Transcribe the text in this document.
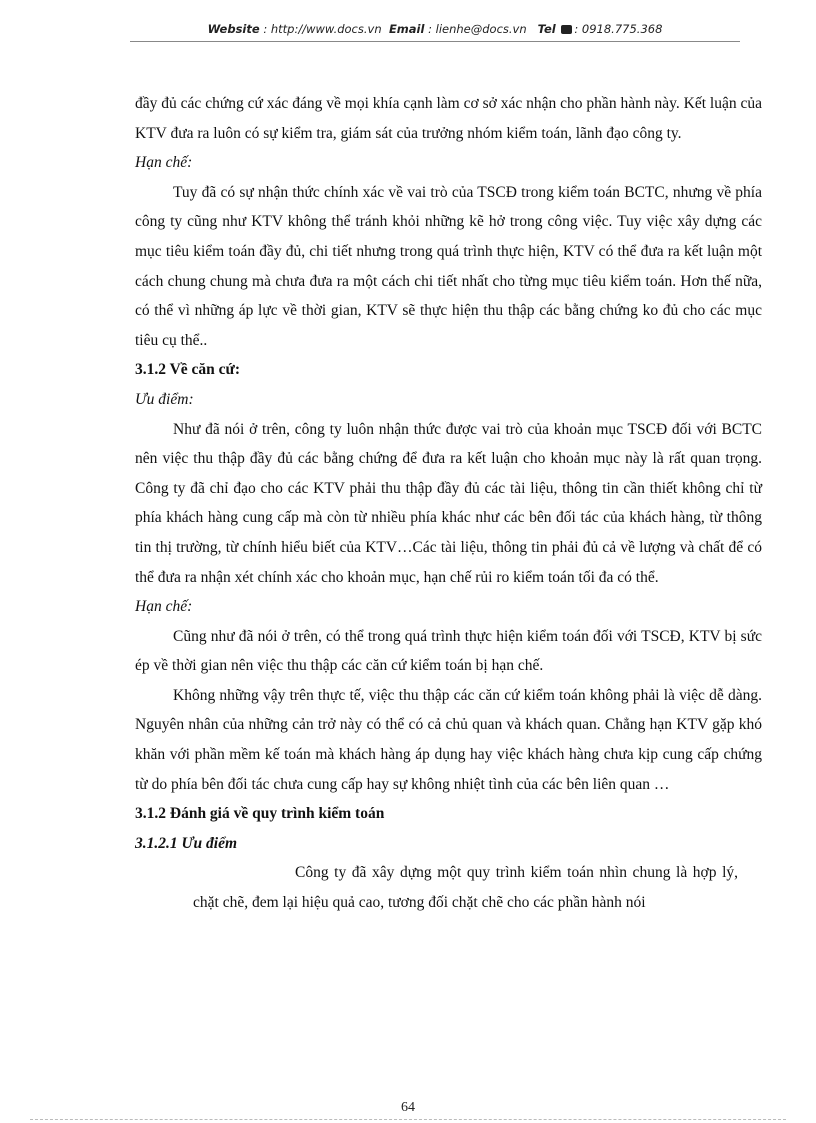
Website : http://www.docs.vn Email : lienhe@docs.vn Tel : 0918.775.368

đầy đủ các chứng cứ xác đáng về mọi khía cạnh làm cơ sở xác nhận cho phần hành này. Kết luận của KTV đưa ra luôn có sự kiểm tra, giám sát của trưởng nhóm kiểm toán, lãnh đạo công ty.

Hạn chế:

Tuy đã có sự nhận thức chính xác về vai trò của TSCĐ trong kiểm toán BCTC, nhưng về phía công ty cũng như KTV không thể tránh khỏi những kẽ hở trong công việc. Tuy việc xây dựng các mục tiêu kiểm toán đầy đủ, chi tiết nhưng trong quá trình thực hiện, KTV có thể đưa ra kết luận một cách chung chung mà chưa đưa ra một cách chi tiết nhất cho từng mục tiêu kiểm toán. Hơn thế nữa, có thể vì những áp lực về thời gian, KTV sẽ thực hiện thu thập các bằng chứng ko đủ cho các mục tiêu cụ thể..

3.1.2 Về căn cứ:

Ưu điểm:

Như đã nói ở trên, công ty luôn nhận thức được vai trò của khoản mục TSCĐ đối với BCTC nên việc thu thập đầy đủ các bằng chứng để đưa ra kết luận cho khoản mục này là rất quan trọng. Công ty đã chỉ đạo cho các KTV phải thu thập đầy đủ các tài liệu, thông tin cần thiết không chỉ từ phía khách hàng cung cấp mà còn từ nhiều phía khác như các bên đối tác của khách hàng, từ thông tin thị trường, từ chính hiểu biết của KTV…Các tài liệu, thông tin phải đủ cả về lượng và chất để có thể đưa ra nhận xét chính xác cho khoản mục, hạn chế rủi ro kiểm toán tối đa có thể.

Hạn chế:

Cũng như đã nói ở trên, có thể trong quá trình thực hiện kiểm toán đối với TSCĐ, KTV bị sức ép về thời gian nên việc thu thập các căn cứ kiểm toán bị hạn chế.

Không những vậy trên thực tế, việc thu thập các căn cứ kiểm toán không phải là việc dễ dàng. Nguyên nhân của những cản trở này có thể có cả chủ quan và khách quan. Chẳng hạn KTV gặp khó khăn với phần mềm kế toán mà khách hàng áp dụng hay việc khách hàng chưa kịp cung cấp chứng từ do phía bên đối tác chưa cung cấp hay sự không nhiệt tình của các bên liên quan …

3.1.2 Đánh giá về quy trình kiểm toán

3.1.2.1 Ưu điểm

Công ty đã xây dựng một quy trình kiểm toán nhìn chung là hợp lý, chặt chẽ, đem lại hiệu quả cao, tương đối chặt chẽ cho các phần hành nói

64
